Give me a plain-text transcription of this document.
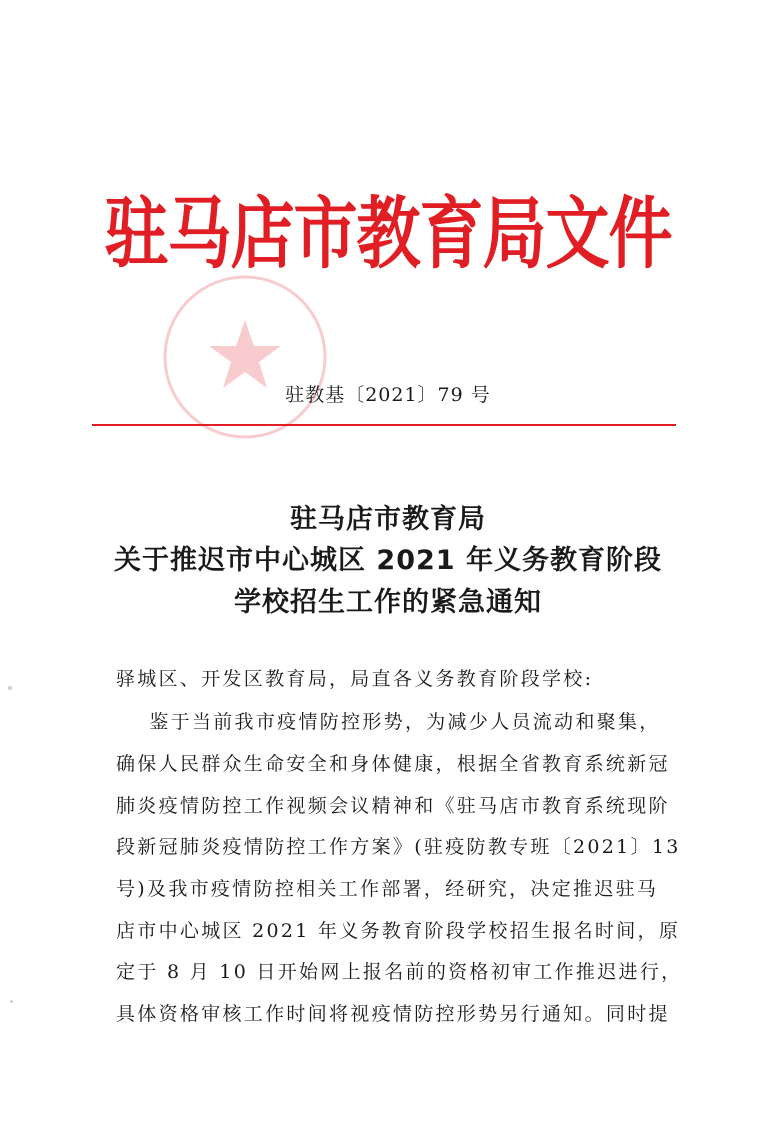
驻马店市教育局文件
驻教基〔2021〕79 号
驻马店市教育局
关于推迟市中心城区 2021 年义务教育阶段
学校招生工作的紧急通知
驿城区、开发区教育局，局直各义务教育阶段学校:
鉴于当前我市疫情防控形势，为减少人员流动和聚集，
确保人民群众生命安全和身体健康，根据全省教育系统新冠
肺炎疫情防控工作视频会议精神和《驻马店市教育系统现阶
段新冠肺炎疫情防控工作方案》(驻疫防教专班〔2021〕13
号)及我市疫情防控相关工作部署，经研究，决定推迟驻马
店市中心城区 2021 年义务教育阶段学校招生报名时间，原
定于 8 月 10 日开始网上报名前的资格初审工作推迟进行，
具体资格审核工作时间将视疫情防控形势另行通知。同时提
